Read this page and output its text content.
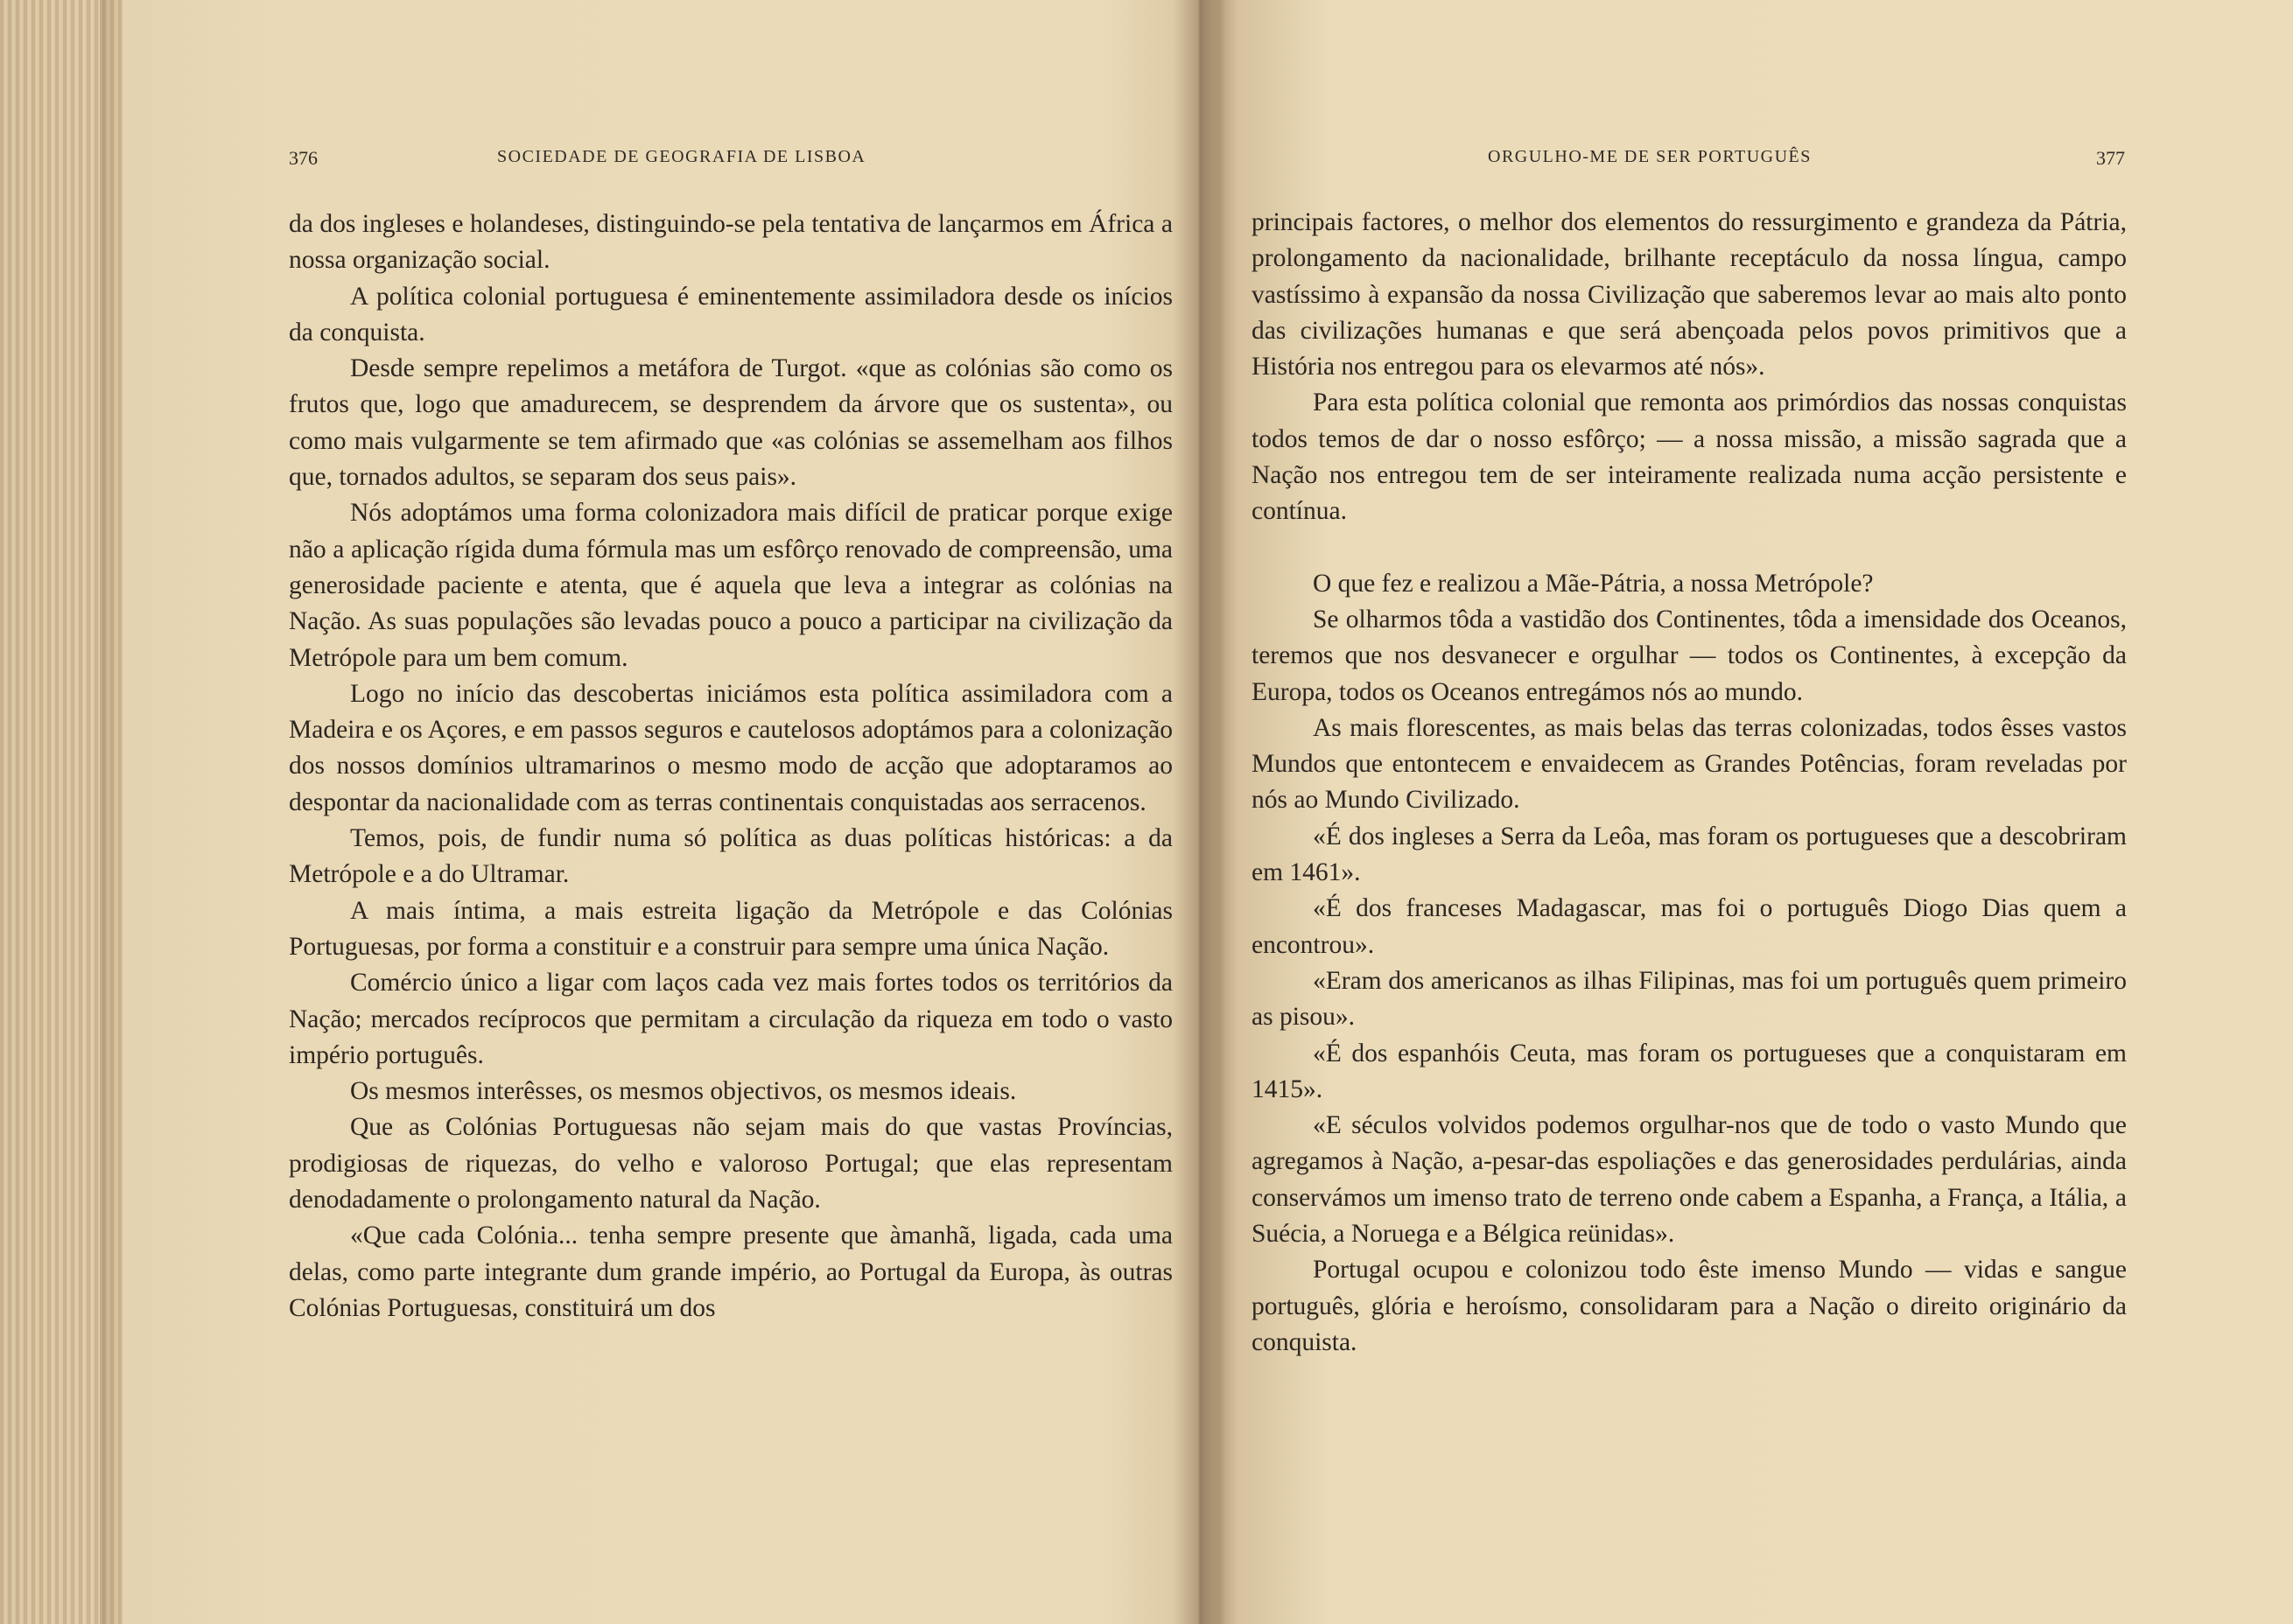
376	SOCIEDADE DE GEOGRAFIA DE LISBOA

da dos ingleses e holandeses, distinguindo-se pela tentativa de lançarmos em África a nossa organização social.

A política colonial portuguesa é eminentemente assimiladora desde os inícios da conquista.

Desde sempre repelimos a metáfora de Turgot. «que as colónias são como os frutos que, logo que amadurecem, se desprendem da árvore que os sustenta», ou como mais vulgarmente se tem afirmado que «as colónias se assemelham aos filhos que, tornados adultos, se separam dos seus pais».

Nós adoptámos uma forma colonizadora mais difícil de praticar porque exige não a aplicação rígida duma fórmula mas um esfôrço renovado de compreensão, uma generosidade paciente e atenta, que é aquela que leva a integrar as colónias na Nação. As suas populações são levadas pouco a pouco a participar na civilização da Metrópole para um bem comum.

Logo no início das descobertas iniciámos esta política assimiladora com a Madeira e os Açores, e em passos seguros e cautelosos adoptámos para a colonização dos nossos domínios ultramarinos o mesmo modo de acção que adoptaramos ao despontar da nacionalidade com as terras continentais conquistadas aos serracenos.

Temos, pois, de fundir numa só política as duas políticas históricas: a da Metrópole e a do Ultramar.

A mais íntima, a mais estreita ligação da Metrópole e das Colónias Portuguesas, por forma a constituir e a construir para sempre uma única Nação.

Comércio único a ligar com laços cada vez mais fortes todos os territórios da Nação; mercados recíprocos que permitam a circulação da riqueza em todo o vasto império português.

Os mesmos interêsses, os mesmos objectivos, os mesmos ideais.

Que as Colónias Portuguesas não sejam mais do que vastas Províncias, prodigiosas de riquezas, do velho e valoroso Portugal; que elas representam denodadamente o prolongamento natural da Nação.

«Que cada Colónia... tenha sempre presente que àmanhã, ligada, cada uma delas, como parte integrante dum grande império, ao Portugal da Europa, às outras Colónias Portuguesas, constituirá um dos

ORGULHO-ME DE SER PORTUGUÊS	377

principais factores, o melhor dos elementos do ressurgimento e grandeza da Pátria, prolongamento da nacionalidade, brilhante receptáculo da nossa língua, campo vastíssimo à expansão da nossa Civilização que saberemos levar ao mais alto ponto das civilizações humanas e que será abençoada pelos povos primitivos que a História nos entregou para os elevarmos até nós».

Para esta política colonial que remonta aos primórdios das nossas conquistas todos temos de dar o nosso esfôrço; — a nossa missão, a missão sagrada que a Nação nos entregou tem de ser inteiramente realizada numa acção persistente e contínua.

O que fez e realizou a Mãe-Pátria, a nossa Metrópole?

Se olharmos tôda a vastidão dos Continentes, tôda a imensidade dos Oceanos, teremos que nos desvanecer e orgulhar — todos os Continentes, à excepção da Europa, todos os Oceanos entregámos nós ao mundo.

As mais florescentes, as mais belas das terras colonizadas, todos êsses vastos Mundos que entontecem e envaidecem as Grandes Potências, foram reveladas por nós ao Mundo Civilizado.

«É dos ingleses a Serra da Leôa, mas foram os portugueses que a descobriram em 1461».

«É dos franceses Madagascar, mas foi o português Diogo Dias quem a encontrou».

«Eram dos americanos as ilhas Filipinas, mas foi um português quem primeiro as pisou».

«É dos espanhóis Ceuta, mas foram os portugueses que a conquistaram em 1415».

«E séculos volvidos podemos orgulhar-nos que de todo o vasto Mundo que agregamos à Nação, a-pesar-das espoliações e das generosidades perdulárias, ainda conservámos um imenso trato de terreno onde cabem a Espanha, a França, a Itália, a Suécia, a Noruega e a Bélgica reünidas».

Portugal ocupou e colonizou todo êste imenso Mundo — vidas e sangue português, glória e heroísmo, consolidaram para a Nação o direito originário da conquista.
